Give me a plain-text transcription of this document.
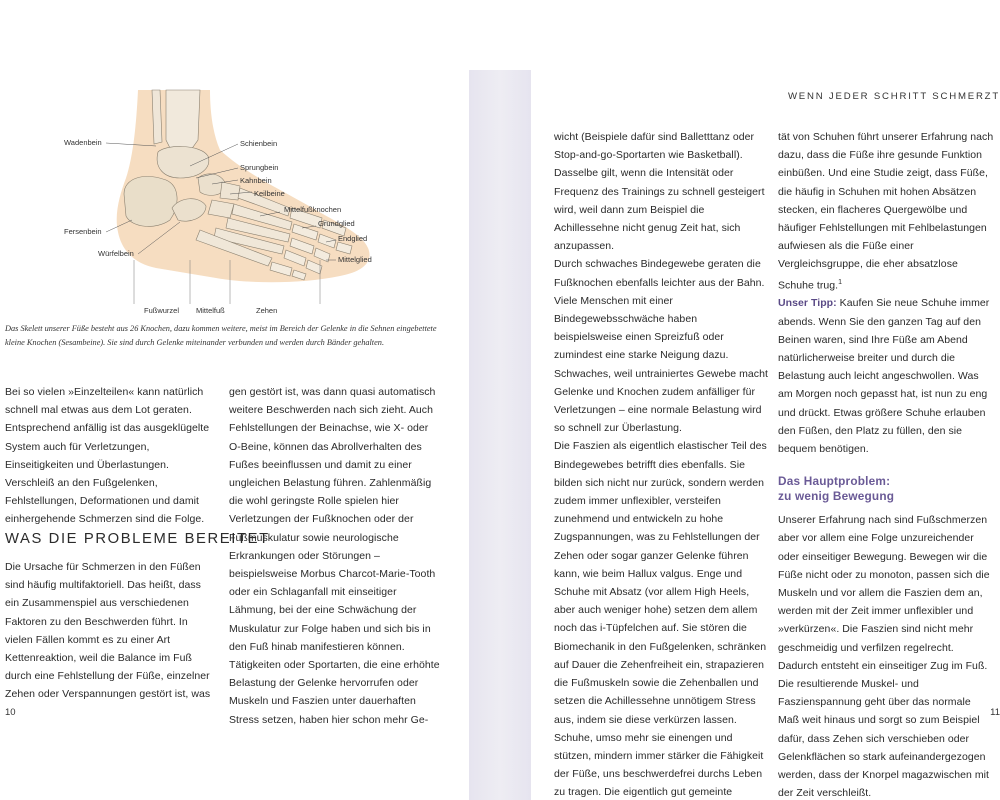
Wadenbein	Schienbein
Sprungbein
Kahnbein
Keilbeine
Mittelfußknochen
Grundglied
Endglied
Mittelglied
Fersenbein
Würfelbein
Fußwurzel Mittelfuß	Zehen
Das Skelett unserer Füße besteht aus 26 Knochen, dazu kommen weitere, meist im Bereich der Gelenke in die Sehnen eingebettete kleine Knochen (Sesambeine). Sie sind durch Gelenke miteinander verbunden und werden durch Bänder gehalten.

Bei so vielen »Einzelteilen« kann natürlich schnell mal etwas aus dem Lot geraten. Entsprechend anfällig ist das ausgeklügelte System auch für Verletzungen, Einseitigkeiten und Überlastungen. Verschleiß an den Fußgelenken, Fehlstellungen, Deformationen und damit einhergehende Schmerzen sind die Folge.

WAS DIE PROBLEME BEREITET

Die Ursache für Schmerzen in den Füßen sind häufig multifaktoriell. Das heißt, dass ein Zusammenspiel aus verschiedenen Faktoren zu den Beschwerden führt. In vielen Fällen kommt es zu einer Art Kettenreaktion, weil die Balance im Fuß durch eine Fehlstellung der Füße, einzelner Zehen oder Verspannungen gestört ist, was

gen gestört ist, was dann quasi automatisch weitere Beschwerden nach sich zieht. Auch Fehlstellungen der Beinachse, wie X- oder O-Beine, können das Abrollverhalten des Fußes beeinflussen und damit zu einer ungleichen Belastung führen. Zahlenmäßig die wohl geringste Rolle spielen hier Verletzungen der Fußknochen oder der Fußmuskulatur sowie neurologische Erkrankungen oder Störungen – beispielsweise Morbus Charcot-Marie-Tooth oder ein Schlaganfall mit einseitiger Lähmung, bei der eine Schwächung der Muskulatur zur Folge haben und sich bis in den Fuß hinab manifestieren können.

Tätigkeiten oder Sportarten, die eine erhöhte Belastung der Gelenke hervorrufen oder Muskeln und Faszien unter dauerhaften Stress setzen, haben hier schon mehr Ge-

10
WENN JEDER SCHRITT SCHMERZT

wicht (Beispiele dafür sind Balletttanz oder Stop-and-go-Sportarten wie Basketball). Dasselbe gilt, wenn die Intensität oder Frequenz des Trainings zu schnell gesteigert wird, weil dann zum Beispiel die Achillessehne nicht genug Zeit hat, sich anzupassen.

Durch schwaches Bindegewebe geraten die Fußknochen ebenfalls leichter aus der Bahn. Viele Menschen mit einer Bindegewebsschwäche haben beispielsweise einen Spreizfuß oder zumindest eine starke Neigung dazu. Schwaches, weil untrainiertes Gewebe macht Gelenke und Knochen zudem anfälliger für Verletzungen – eine normale Belastung wird so schnell zur Überlastung.

Die Faszien als eigentlich elastischer Teil des Bindegewebes betrifft dies ebenfalls. Sie bilden sich nicht nur zurück, sondern werden zudem immer unflexibler, versteifen zunehmend und entwickeln zu hohe Zugspannungen, was zu Fehlstellungen der Zehen oder sogar ganzer Gelenke führen kann, wie beim Hallux valgus. Enge und Schuhe mit Absatz (vor allem High Heels, aber auch weniger hohe) setzen dem allem noch das i-Tüpfelchen auf. Sie stören die Biomechanik in den Fußgelenken, schränken auf Dauer die Zehenfreiheit ein, strapazieren die Fußmuskeln sowie die Zehenballen und setzen die Achillessehne unnötigem Stress aus, indem sie diese verkürzen lassen. Schuhe, umso mehr sie einengen und stützen, mindern immer stärker die Fähigkeit der Füße, uns beschwerdefrei durchs Leben zu tragen. Die eigentlich gut gemeinte

tät von Schuhen führt unserer Erfahrung nach dazu, dass die Füße ihre gesunde Funktion einbüßen. Und eine Studie zeigt, dass Füße, die häufig in Schuhen mit hohen Absätzen stecken, ein flacheres Quergewölbe und häufiger Fehlstellungen mit Fehlbelastungen aufwiesen als die Füße einer Vergleichsgruppe, die eher absatzlose Schuhe trug.$^1$

Unser Tipp: Kaufen Sie neue Schuhe immer abends. Wenn Sie den ganzen Tag auf den Beinen waren, sind Ihre Füße am Abend natürlicherweise breiter und durch die Belastung auch leicht angeschwollen. Was am Morgen noch gepasst hat, ist nun zu eng und drückt. Etwas größere Schuhe erlauben den Füßen, den Platz zu füllen, den sie bequem benötigen.

Das Hauptproblem:
zu wenig Bewegung

Unserer Erfahrung nach sind Fußschmerzen aber vor allem eine Folge unzureichender oder einseitiger Bewegung. Bewegen wir die Füße nicht oder zu monoton, passen sich die Muskeln und vor allem die Faszien dem an, werden mit der Zeit immer unflexibler und »verkürzen«. Die Faszien sind nicht mehr geschmeidig und verfilzen regelrecht. Dadurch entsteht ein einseitiger Zug im Fuß. Die resultierende Muskel- und Faszienspannung geht über das normale Maß weit hinaus und sorgt so zum Beispiel dafür, dass Zehen sich verschieben oder Gelenkflächen so stark aufeinandergezogen werden, dass der Knorpel magazwischen mit der Zeit verschleißt.

11
